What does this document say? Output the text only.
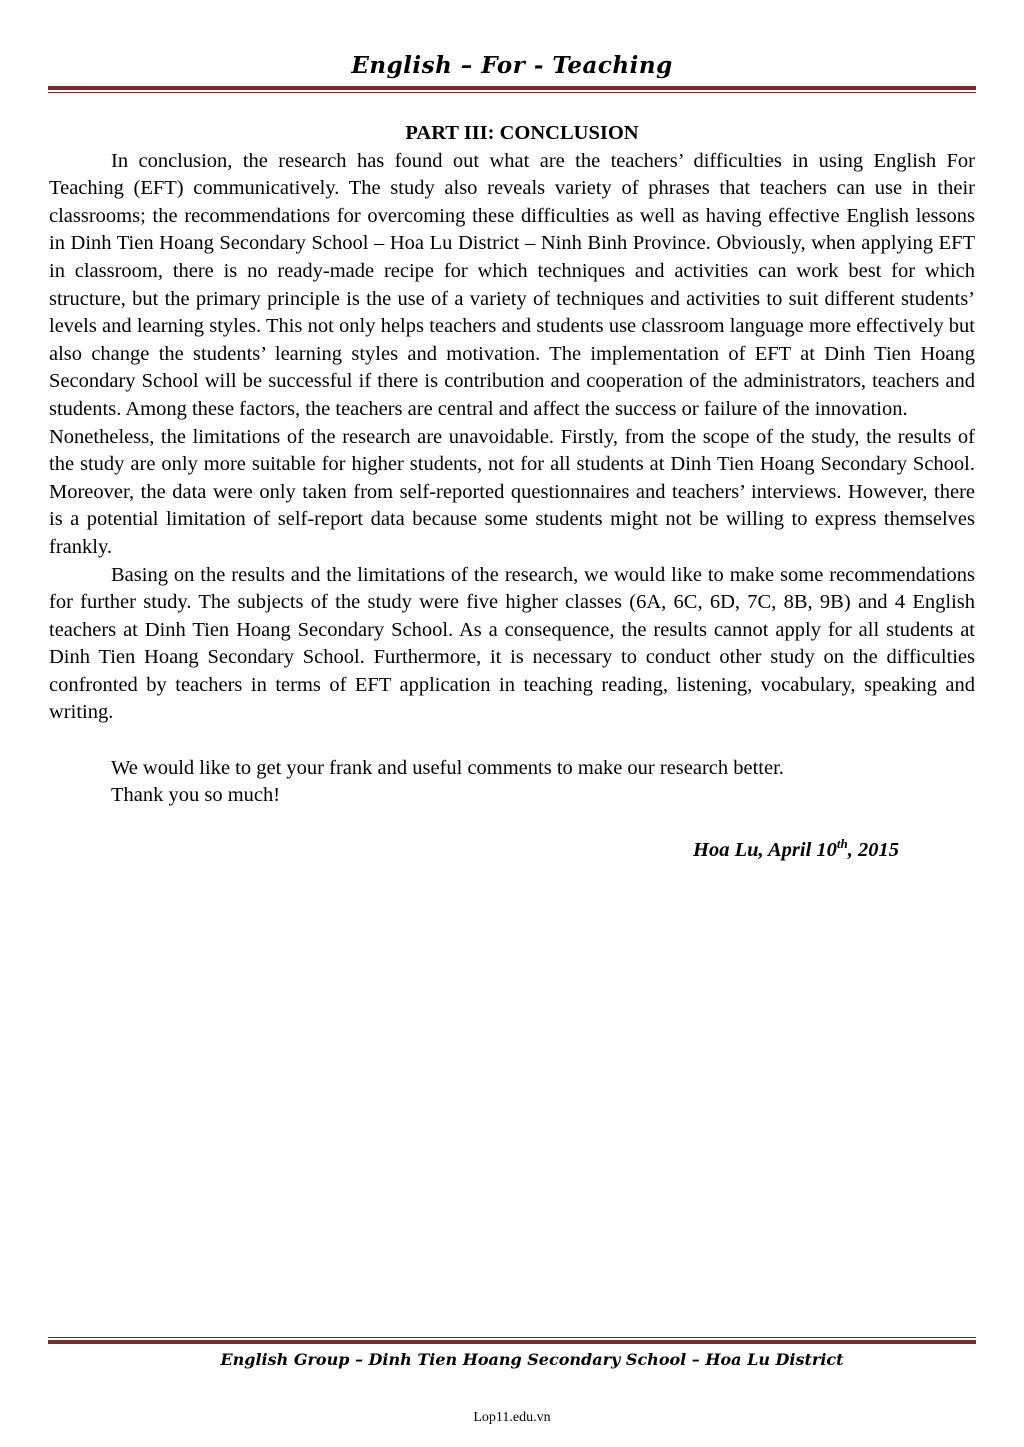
English – For - Teaching

PART III: CONCLUSION

In conclusion, the research has found out what are the teachers’ difficulties in using English For Teaching (EFT) communicatively. The study also reveals variety of phrases that teachers can use in their classrooms; the recommendations for overcoming these difficulties as well as having effective English lessons in Dinh Tien Hoang Secondary School – Hoa Lu District – Ninh Binh Province. Obviously, when applying EFT in classroom, there is no ready-made recipe for which techniques and activities can work best for which structure, but the primary principle is the use of a variety of techniques and activities to suit different students’ levels and learning styles. This not only helps teachers and students use classroom language more effectively but also change the students’ learning styles and motivation. The implementation of EFT at Dinh Tien Hoang Secondary School will be successful if there is contribution and cooperation of the administrators, teachers and students. Among these factors, the teachers are central and affect the success or failure of the innovation.

Nonetheless, the limitations of the research are unavoidable. Firstly, from the scope of the study, the results of the study are only more suitable for higher students, not for all students at Dinh Tien Hoang Secondary School. Moreover, the data were only taken from self-reported questionnaires and teachers’ interviews. However, there is a potential limitation of self-report data because some students might not be willing to express themselves frankly.

Basing on the results and the limitations of the research, we would like to make some recommendations for further study. The subjects of the study were five higher classes (6A, 6C, 6D, 7C, 8B, 9B) and 4 English teachers at Dinh Tien Hoang Secondary School. As a consequence, the results cannot apply for all students at Dinh Tien Hoang Secondary School. Furthermore, it is necessary to conduct other study on the difficulties confronted by teachers in terms of EFT application in teaching reading, listening, vocabulary, speaking and writing.

We would like to get your frank and useful comments to make our research better.

Thank you so much!

Hoa Lu, April 10th, 2015

English Group – Dinh Tien Hoang Secondary School – Hoa Lu District
Lop11.edu.vn
